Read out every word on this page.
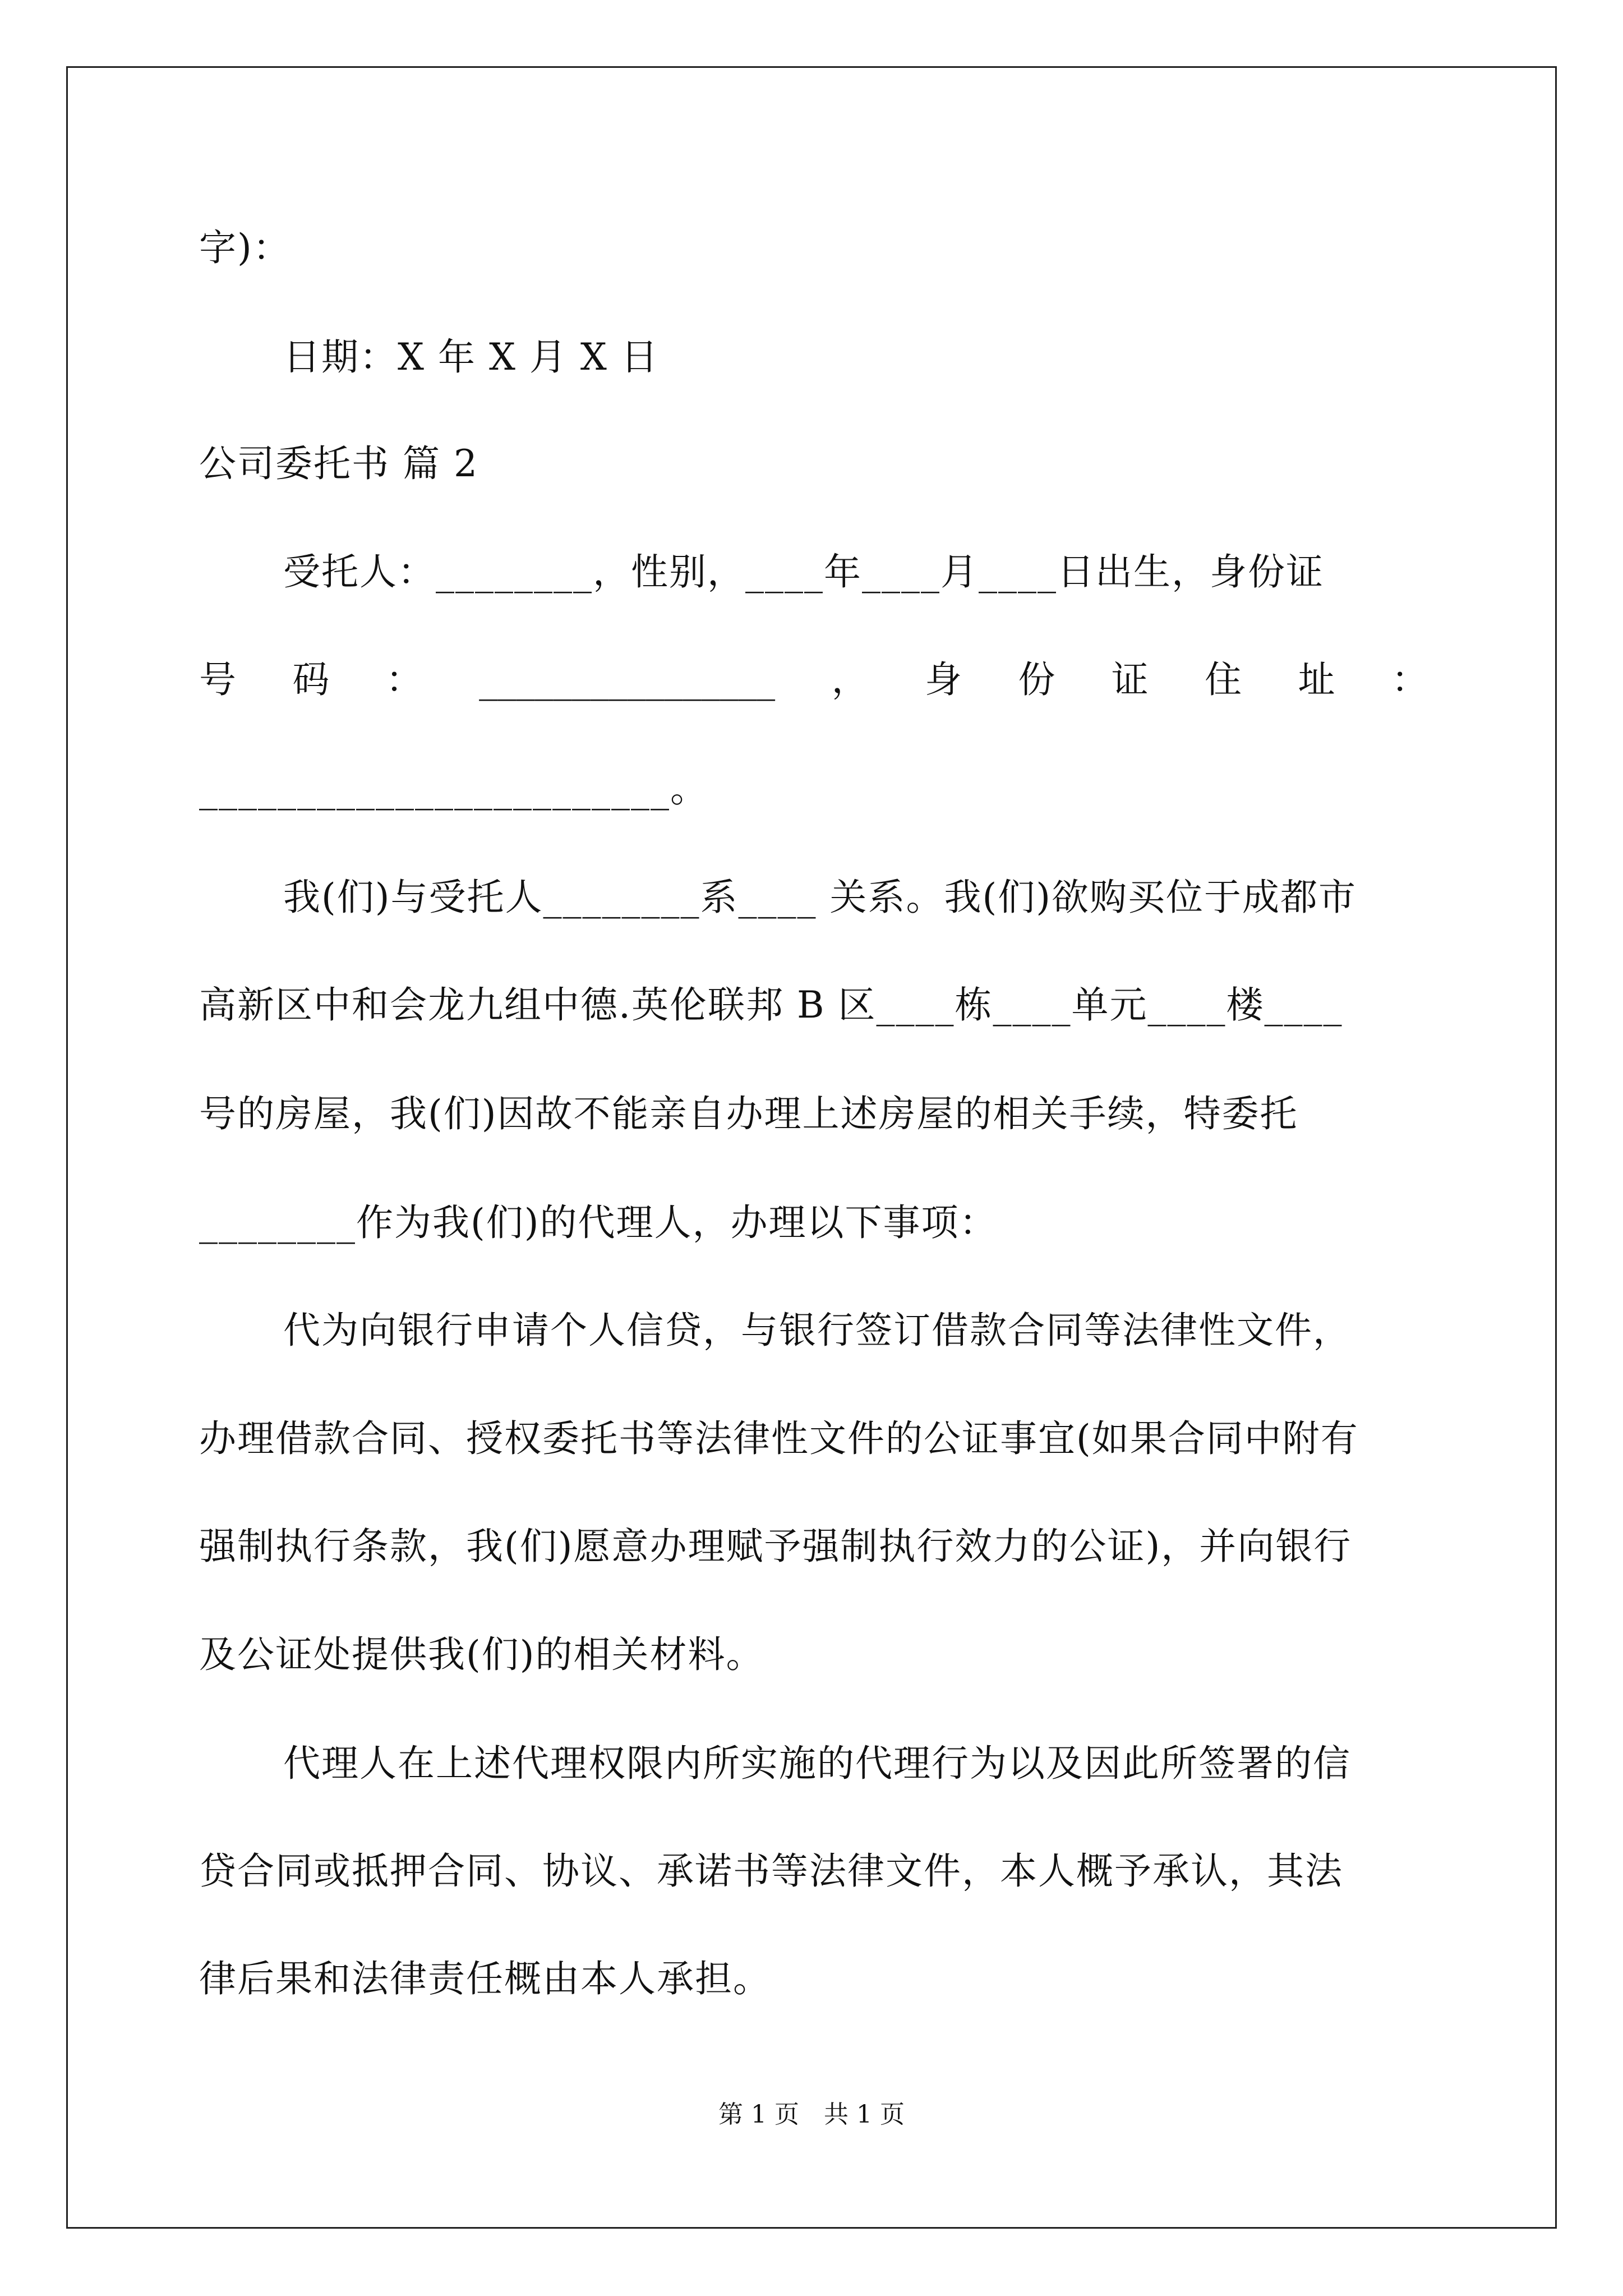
字)：
日期：X 年 X 月 X 日
公司委托书 篇 2
受托人：________，性别，____年____月____日出生，身份证
号 码 ： ________________ ， 身 份 证 住 址 ：
________________________。
我(们)与受托人________系____ 关系。我(们)欲购买位于成都市
高新区中和会龙九组中德.英伦联邦 B 区____栋____单元____楼____
号的房屋，我(们)因故不能亲自办理上述房屋的相关手续，特委托
________作为我(们)的代理人，办理以下事项：
代为向银行申请个人信贷，与银行签订借款合同等法律性文件，
办理借款合同、授权委托书等法律性文件的公证事宜(如果合同中附有
强制执行条款，我(们)愿意办理赋予强制执行效力的公证)，并向银行
及公证处提供我(们)的相关材料。
代理人在上述代理权限内所实施的代理行为以及因此所签署的信
贷合同或抵押合同、协议、承诺书等法律文件，本人概予承认，其法
律后果和法律责任概由本人承担。
第 1 页　共 1 页
